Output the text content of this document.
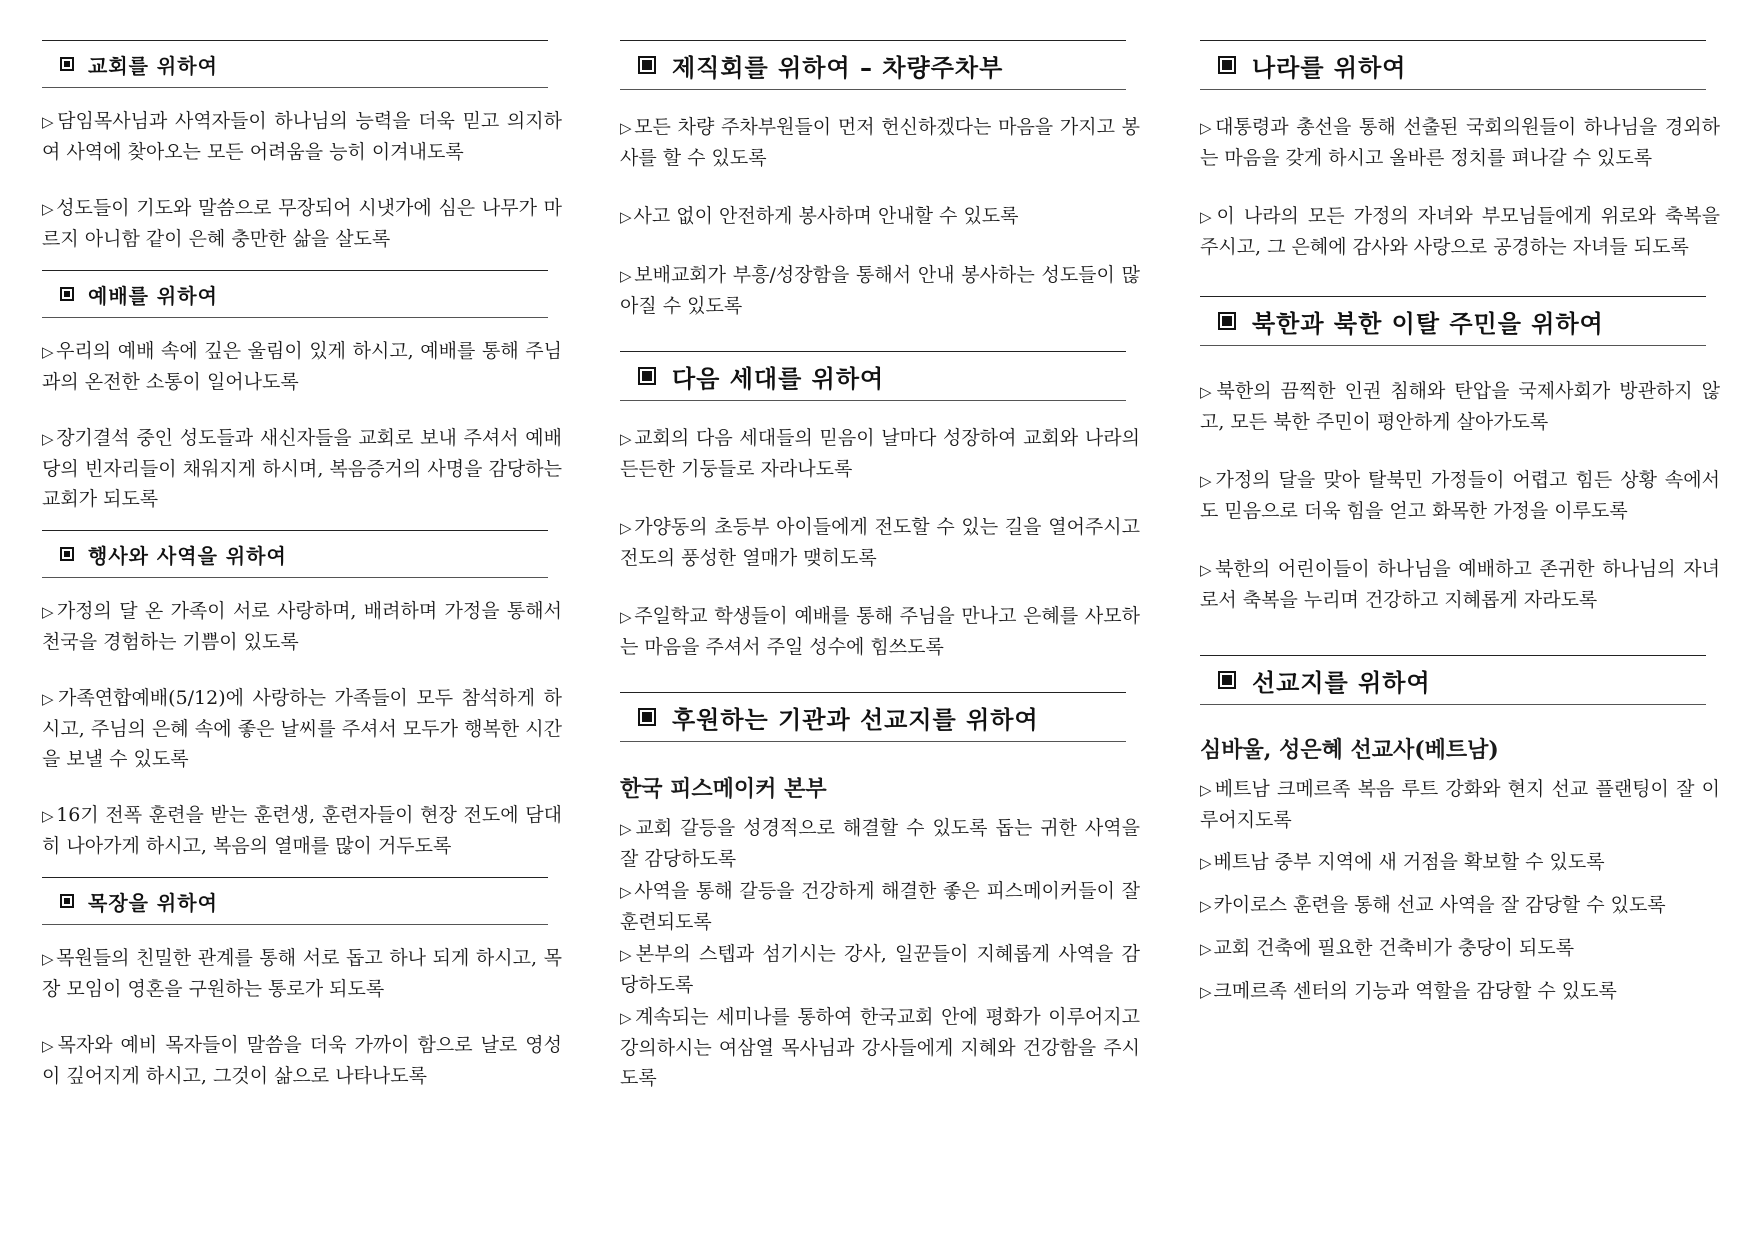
교회를 위하여

▷ 담임목사님과 사역자들이 하나님의 능력을 더욱 믿고 의지하여 사역에 찾아오는 모든 어려움을 능히 이겨내도록

▷ 성도들이 기도와 말씀으로 무장되어 시냇가에 심은 나무가 마르지 아니함 같이 은혜 충만한 삶을 살도록

예배를 위하여

▷ 우리의 예배 속에 깊은 울림이 있게 하시고, 예배를 통해 주님과의 온전한 소통이 일어나도록

▷ 장기결석 중인 성도들과 새신자들을 교회로 보내 주셔서 예배당의 빈자리들이 채워지게 하시며, 복음증거의 사명을 감당하는 교회가 되도록

행사와 사역을 위하여

▷ 가정의 달 온 가족이 서로 사랑하며, 배려하며 가정을 통해서 천국을 경험하는 기쁨이 있도록

▷ 가족연합예배(5/12)에 사랑하는 가족들이 모두 참석하게 하시고, 주님의 은혜 속에 좋은 날씨를 주셔서 모두가 행복한 시간을 보낼 수 있도록

▷ 16기 전폭 훈련을 받는 훈련생, 훈련자들이 현장 전도에 담대히 나아가게 하시고, 복음의 열매를 많이 거두도록

목장을 위하여

▷ 목원들의 친밀한 관계를 통해 서로 돕고 하나 되게 하시고, 목장 모임이 영혼을 구원하는 통로가 되도록

▷ 목자와 예비 목자들이 말씀을 더욱 가까이 함으로 날로 영성이 깊어지게 하시고, 그것이 삶으로 나타나도록

제직회를 위하여 – 차량주차부

▷ 모든 차량 주차부원들이 먼저 헌신하겠다는 마음을 가지고 봉사를 할 수 있도록

▷ 사고 없이 안전하게 봉사하며 안내할 수 있도록

▷ 보배교회가 부흥/성장함을 통해서 안내 봉사하는 성도들이 많아질 수 있도록

다음 세대를 위하여

▷ 교회의 다음 세대들의 믿음이 날마다 성장하여 교회와 나라의 든든한 기둥들로 자라나도록

▷ 가양동의 초등부 아이들에게 전도할 수 있는 길을 열어주시고 전도의 풍성한 열매가 맺히도록

▷ 주일학교 학생들이 예배를 통해 주님을 만나고 은혜를 사모하는 마음을 주셔서 주일 성수에 힘쓰도록

후원하는 기관과 선교지를 위하여
한국 피스메이커 본부

▷ 교회 갈등을 성경적으로 해결할 수 있도록 돕는 귀한 사역을 잘 감당하도록

▷ 사역을 통해 갈등을 건강하게 해결한 좋은 피스메이커들이 잘 훈련되도록

▷ 본부의 스텝과 섬기시는 강사, 일꾼들이 지혜롭게 사역을 감당하도록

▷ 계속되는 세미나를 통하여 한국교회 안에 평화가 이루어지고 강의하시는 여삼열 목사님과 강사들에게 지혜와 건강함을 주시도록

나라를 위하여

▷ 대통령과 총선을 통해 선출된 국회의원들이 하나님을 경외하는 마음을 갖게 하시고 올바른 정치를 펴나갈 수 있도록

▷ 이 나라의 모든 가정의 자녀와 부모님들에게 위로와 축복을 주시고, 그 은혜에 감사와 사랑으로 공경하는 자녀들 되도록

북한과 북한 이탈 주민을 위하여

▷ 북한의 끔찍한 인권 침해와 탄압을 국제사회가 방관하지 않고, 모든 북한 주민이 평안하게 살아가도록

▷ 가정의 달을 맞아 탈북민 가정들이 어렵고 힘든 상황 속에서도 믿음으로 더욱 힘을 얻고 화목한 가정을 이루도록

▷ 북한의 어린이들이 하나님을 예배하고 존귀한 하나님의 자녀로서 축복을 누리며 건강하고 지혜롭게 자라도록

선교지를 위하여
심바울, 성은혜 선교사(베트남)

▷ 베트남 크메르족 복음 루트 강화와 현지 선교 플랜팅이 잘 이루어지도록

▷ 베트남 중부 지역에 새 거점을 확보할 수 있도록

▷ 카이로스 훈련을 통해 선교 사역을 잘 감당할 수 있도록

▷ 교회 건축에 필요한 건축비가 충당이 되도록

▷ 크메르족 센터의 기능과 역할을 감당할 수 있도록
